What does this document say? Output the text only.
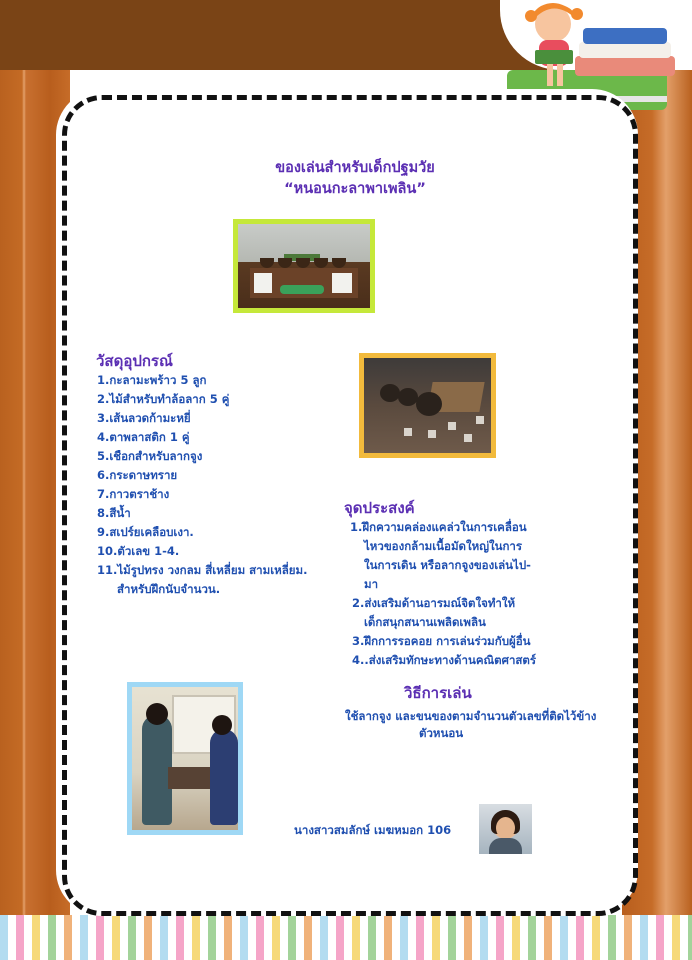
ของเล่นสำหรับเด็กปฐมวัย
“หนอนกะลาพาเพลิน”
วัสดุอุปกรณ์
1.กะลามะพร้าว 5 ลูก
2.ไม้สำหรับทำล้อลาก 5 คู่
3.เส้นลวดก้ามะหยี่
4.ตาพลาสติก 1 คู่
5.เชือกสำหรับลากจูง
6.กระดาษทราย
7.กาวตราช้าง
8.สีน้ำ
9.สเปร์ยเคลือบเงา.
10.ตัวเลข 1-4.
11.ไม้รูปทรง วงกลม สี่เหลี่ยม สามเหลี่ยม.
สำหรับฝึกนับจำนวน.
จุดประสงค์
1.ฝึกความคล่องแคล่วในการเคลื่อน
ไหวของกล้ามเนื้อมัดใหญ่ในการ
ในการเดิน หรือลากจูงของเล่นไป-
มา
2.ส่งเสริมด้านอารมณ์จิตใจทำให้
เด็กสนุกสนานเพลิดเพลิน
3.ฝึกการรอคอย การเล่นร่วมกับผู้อื่น
4..ส่งเสริมทักษะทางด้านคณิตศาสตร์
วิธีการเล่น
ใช้ลากจูง และขนของตามจำนวนตัวเลขที่ติดไว้ข้าง
ตัวหนอน
นางสาวสมลักษ์ เมฆหมอก 106
